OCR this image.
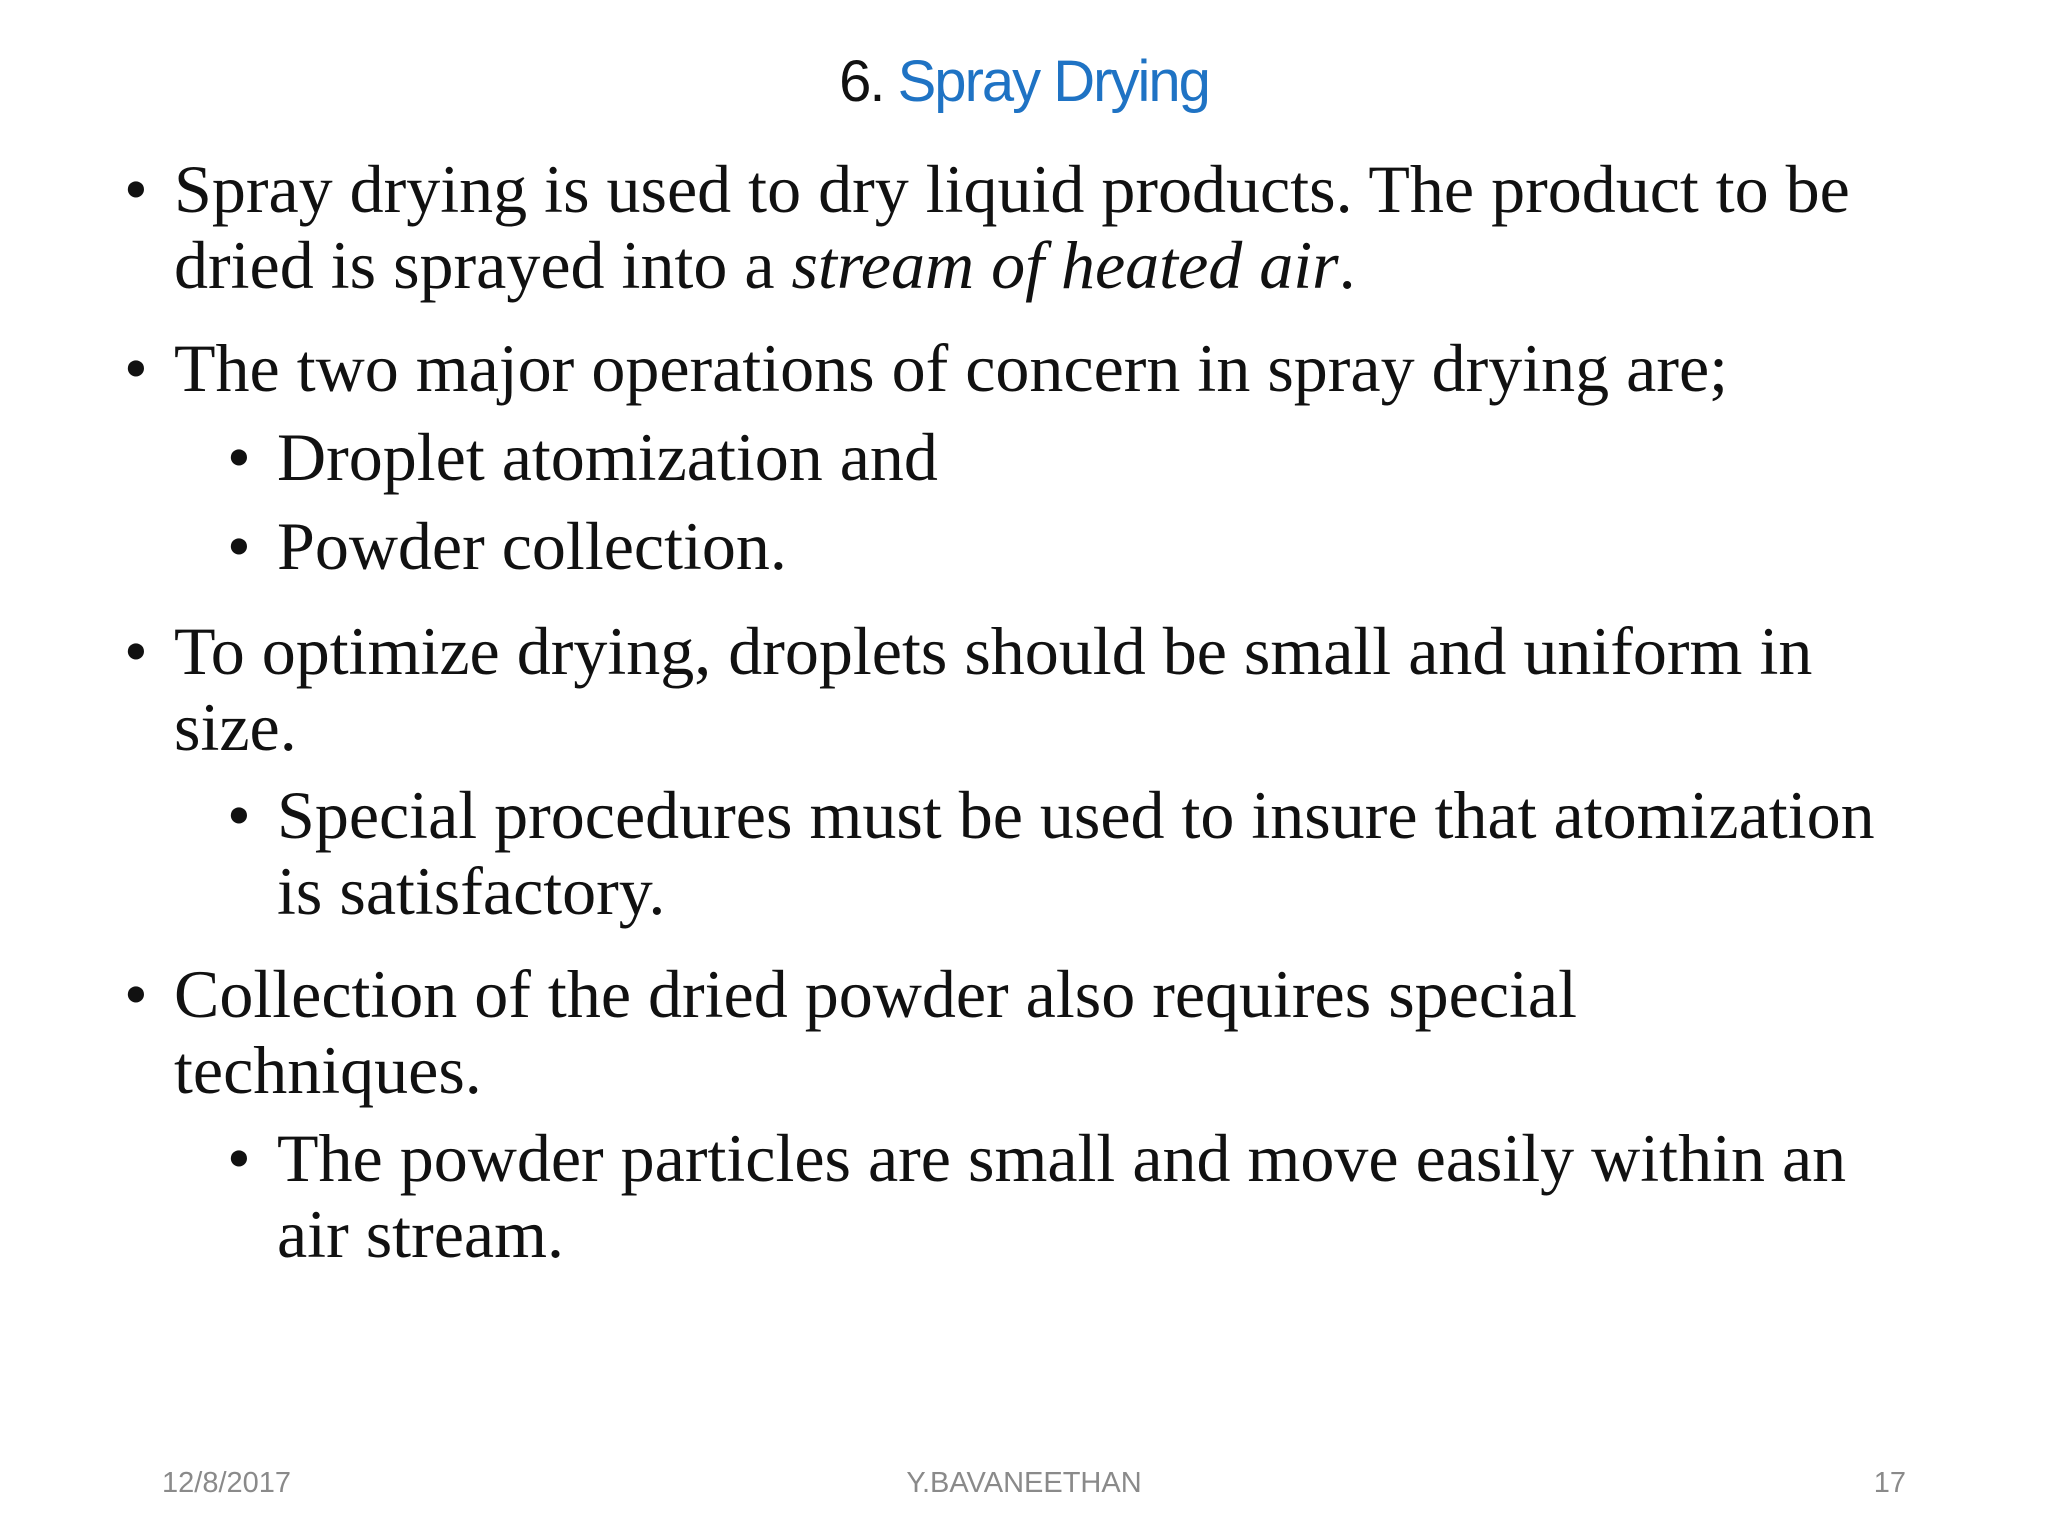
6. Spray Drying
• Spray drying is used to dry liquid products. The product to be
dried is sprayed into a stream of heated air.
• The two major operations of concern in spray drying are;
• Droplet atomization and
• Powder collection.
• To optimize drying, droplets should be small and uniform in
size.
• Special procedures must be used to insure that atomization
is satisfactory.
• Collection of the dried powder also requires special
techniques.
• The powder particles are small and move easily within an
air stream.
12/8/2017	Y.BAVANEETHAN	17
